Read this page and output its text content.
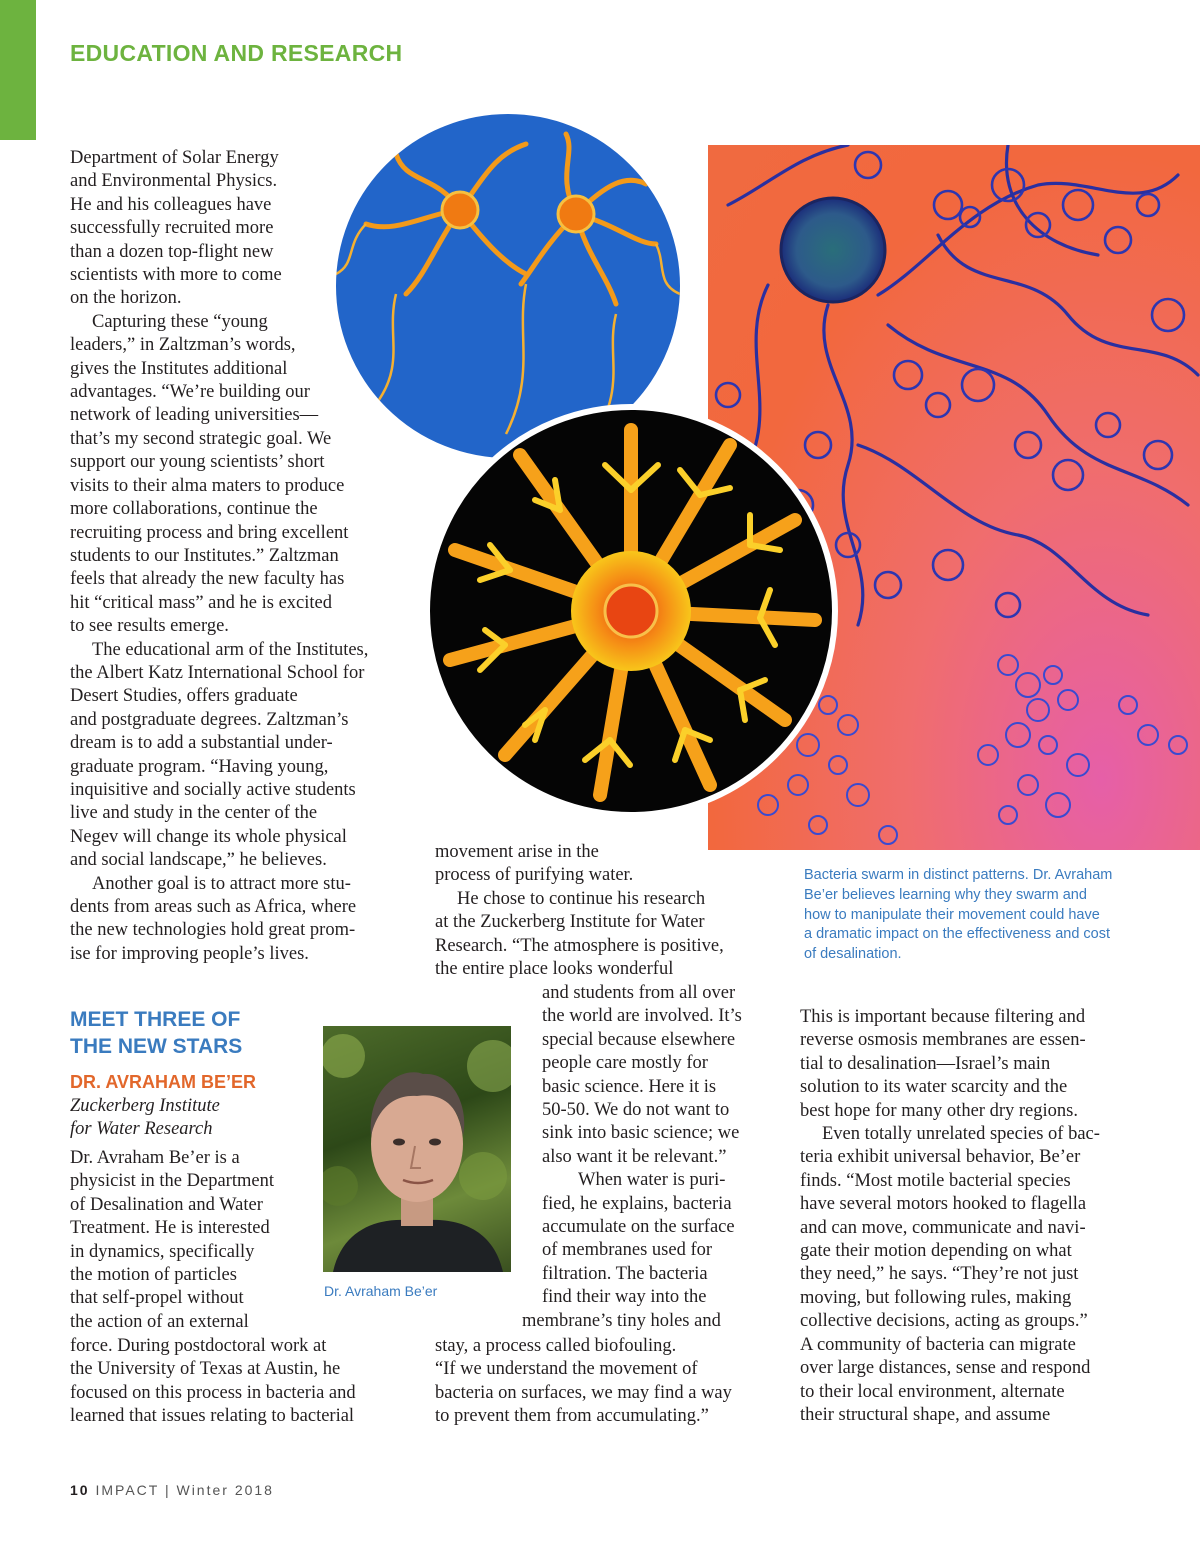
EDUCATION AND RESEARCH

Department of Solar Energy
and Environmental Physics.
He and his colleagues have
successfully recruited more
than a dozen top-flight new
scientists with more to come
on the horizon.

Capturing these “young
leaders,” in Zaltzman’s words,
gives the Institutes additional
advantages. “We’re building our
network of leading universities—
that’s my second strategic goal. We
support our young scientists’ short
visits to their alma maters to produce
more collaborations, continue the
recruiting process and bring excellent
students to our Institutes.” Zaltzman
feels that already the new faculty has
hit “critical mass” and he is excited
to see results emerge.

The educational arm of the Institutes,
the Albert Katz International School for
Desert Studies, offers graduate
and postgraduate degrees. Zaltzman’s
dream is to add a substantial under-
graduate program. “Having young,
inquisitive and socially active students
live and study in the center of the
Negev will change its whole physical
and social landscape,” he believes.

Another goal is to attract more stu-
dents from areas such as Africa, where
the new technologies hold great prom-
ise for improving people’s lives.

Bacteria swarm in distinct patterns. Dr. Avraham
Be’er believes learning why they swarm and
how to manipulate their movement could have
a dramatic impact on the effectiveness and cost
of desalination.

movement arise in the
process of purifying water.

He chose to continue his research
at the Zuckerberg Institute for Water
Research. “The atmosphere is positive,
the entire place looks wonderful

and students from all over
the world are involved. It’s
special because elsewhere
people care mostly for
basic science. Here it is
50-50. We do not want to
sink into basic science; we
also want it be relevant.”

When water is puri-
fied, he explains, bacteria
accumulate on the surface
of membranes used for
filtration. The bacteria
find their way into the
membrane’s tiny holes and

stay, a process called biofouling.
“If we understand the movement of
bacteria on surfaces, we may find a way
to prevent them from accumulating.”

MEET THREE OF
THE NEW STARS
DR. AVRAHAM BE’ER
Zuckerberg Institute
for Water Research
Dr. Avraham Be’er

Dr. Avraham Be’er is a
physicist in the Department
of Desalination and Water
Treatment. He is interested
in dynamics, specifically
the motion of particles
that self-propel without
the action of an external

force. During postdoctoral work at
the University of Texas at Austin, he
focused on this process in bacteria and
learned that issues relating to bacterial

This is important because filtering and
reverse osmosis membranes are essen-
tial to desalination—Israel’s main
solution to its water scarcity and the
best hope for many other dry regions.

Even totally unrelated species of bac-
teria exhibit universal behavior, Be’er
finds. “Most motile bacterial species
have several motors hooked to flagella
and can move, communicate and navi-
gate their motion depending on what
they need,” he says. “They’re not just
moving, but following rules, making
collective decisions, acting as groups.”
A community of bacteria can migrate
over large distances, sense and respond
to their local environment, alternate
their structural shape, and assume

10 IMPACT | Winter 2018
